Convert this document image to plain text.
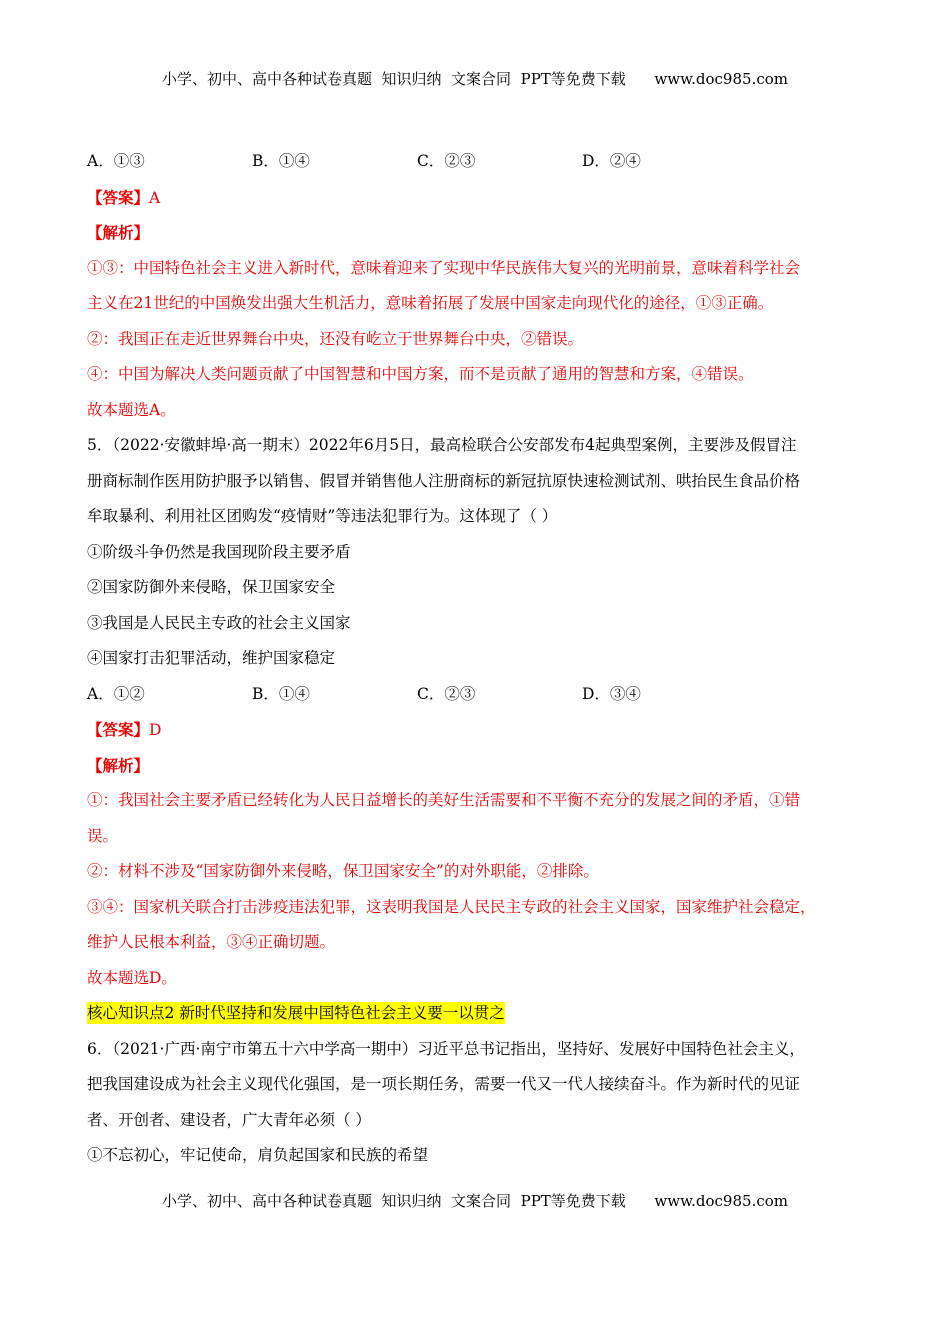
小学、初中、高中各种试卷真题  知识归纳  文案合同  PPT等免费下载      www.doc985.com
A．①③	B．①④	C．②③	D．②④
【答案】A
【解析】
①③：中国特色社会主义进入新时代，意味着迎来了实现中华民族伟大复兴的光明前景，意味着科学社会
主义在21世纪的中国焕发出强大生机活力，意味着拓展了发展中国家走向现代化的途径，①③正确。
②：我国正在走近世界舞台中央，还没有屹立于世界舞台中央，②错误。
④：中国为解决人类问题贡献了中国智慧和中国方案，而不是贡献了通用的智慧和方案，④错误。
故本题选A。
5．（2022·安徽蚌埠·高一期末）2022年6月5日，最高检联合公安部发布4起典型案例，主要涉及假冒注
册商标制作医用防护服予以销售、假冒并销售他人注册商标的新冠抗原快速检测试剂、哄抬民生食品价格
牟取暴利、利用社区团购发“疫情财”等违法犯罪行为。这体现了（ ）
①阶级斗争仍然是我国现阶段主要矛盾
②国家防御外来侵略，保卫国家安全
③我国是人民民主专政的社会主义国家
④国家打击犯罪活动，维护国家稳定
A．①②	B．①④	C．②③	D．③④
【答案】D
【解析】
①：我国社会主要矛盾已经转化为人民日益增长的美好生活需要和不平衡不充分的发展之间的矛盾，①错
误。
②：材料不涉及“国家防御外来侵略，保卫国家安全”的对外职能，②排除。
③④：国家机关联合打击涉疫违法犯罪，这表明我国是人民民主专政的社会主义国家，国家维护社会稳定，
维护人民根本利益，③④正确切题。
故本题选D。
核心知识点2 新时代坚持和发展中国特色社会主义要一以贯之
6．（2021·广西·南宁市第五十六中学高一期中）习近平总书记指出，坚持好、发展好中国特色社会主义，
把我国建设成为社会主义现代化强国，是一项长期任务，需要一代又一代人接续奋斗。作为新时代的见证
者、开创者、建设者，广大青年必须（ ）
①不忘初心，牢记使命，肩负起国家和民族的希望
小学、初中、高中各种试卷真题  知识归纳  文案合同  PPT等免费下载      www.doc985.com
